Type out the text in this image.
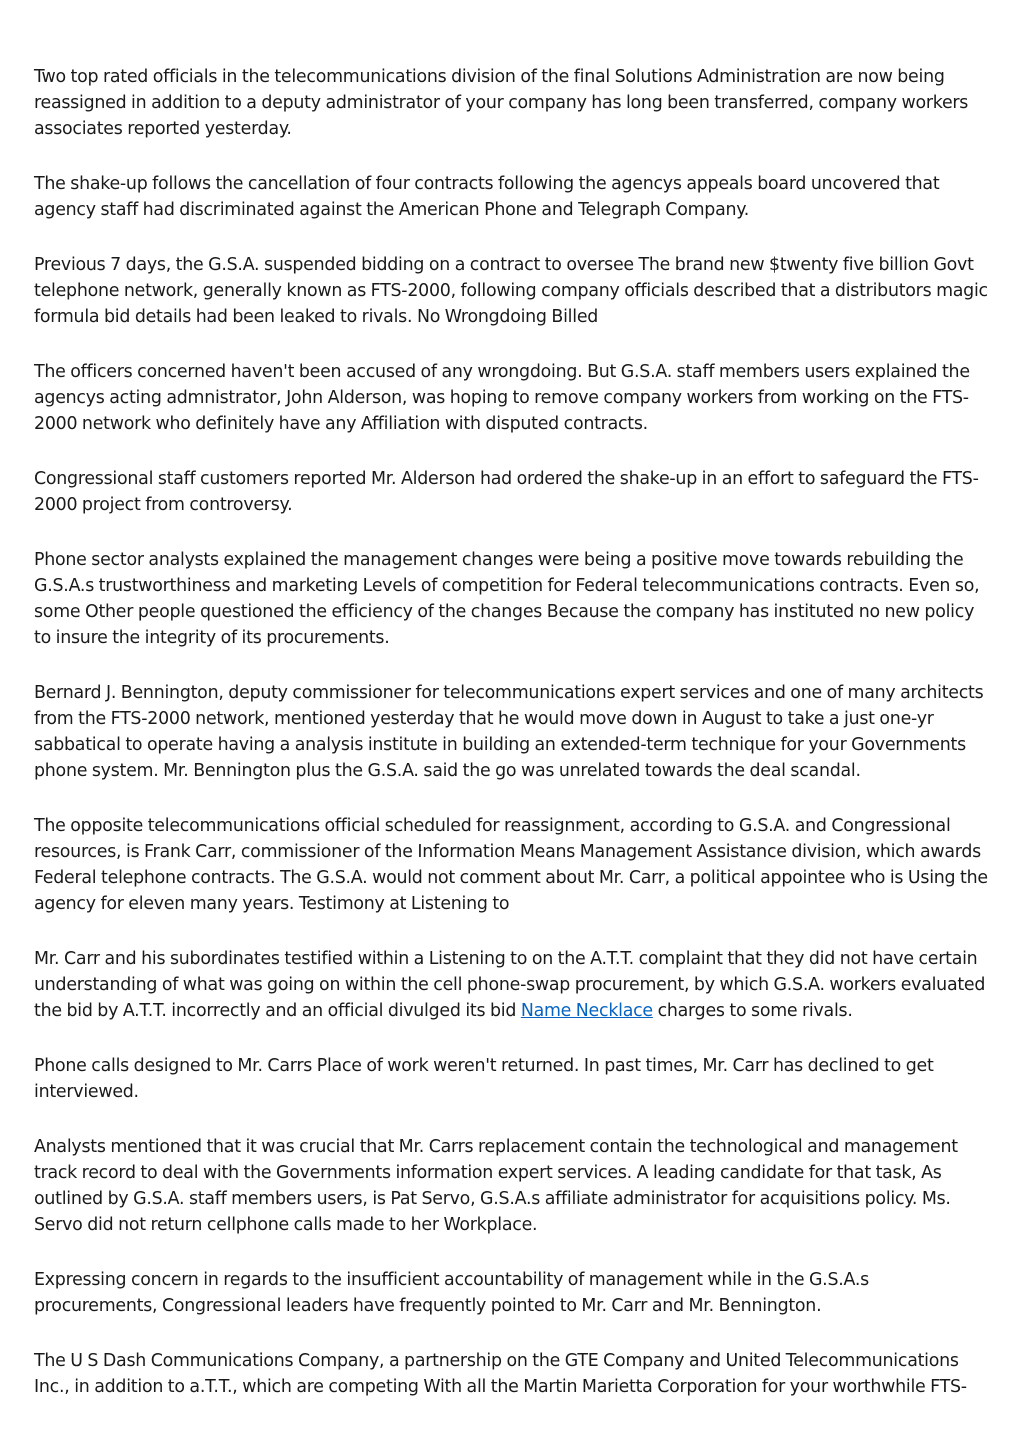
Two top rated officials in the telecommunications division of the final Solutions Administration are now being reassigned in addition to a deputy administrator of your company has long been transferred, company workers associates reported yesterday.

The shake-up follows the cancellation of four contracts following the agencys appeals board uncovered that agency staff had discriminated against the American Phone and Telegraph Company.

Previous 7 days, the G.S.A. suspended bidding on a contract to oversee The brand new $twenty five billion Govt telephone network, generally known as FTS-2000, following company officials described that a distributors magic formula bid details had been leaked to rivals. No Wrongdoing Billed

The officers concerned haven't been accused of any wrongdoing. But G.S.A. staff members users explained the agencys acting admnistrator, John Alderson, was hoping to remove company workers from working on the FTS-2000 network who definitely have any Affiliation with disputed contracts.

Congressional staff customers reported Mr. Alderson had ordered the shake-up in an effort to safeguard the FTS-2000 project from controversy.

Phone sector analysts explained the management changes were being a positive move towards rebuilding the G.S.A.s trustworthiness and marketing Levels of competition for Federal telecommunications contracts. Even so, some Other people questioned the efficiency of the changes Because the company has instituted no new policy to insure the integrity of its procurements.

Bernard J. Bennington, deputy commissioner for telecommunications expert services and one of many architects from the FTS-2000 network, mentioned yesterday that he would move down in August to take a just one-yr sabbatical to operate having a analysis institute in building an extended-term technique for your Governments phone system. Mr. Bennington plus the G.S.A. said the go was unrelated towards the deal scandal.

The opposite telecommunications official scheduled for reassignment, according to G.S.A. and Congressional resources, is Frank Carr, commissioner of the Information Means Management Assistance division, which awards Federal telephone contracts. The G.S.A. would not comment about Mr. Carr, a political appointee who is Using the agency for eleven many years. Testimony at Listening to

Mr. Carr and his subordinates testified within a Listening to on the A.T.T. complaint that they did not have certain understanding of what was going on within the cell phone-swap procurement, by which G.S.A. workers evaluated the bid by A.T.T. incorrectly and an official divulged its bid Name Necklace charges to some rivals.

Phone calls designed to Mr. Carrs Place of work weren't returned. In past times, Mr. Carr has declined to get interviewed.

Analysts mentioned that it was crucial that Mr. Carrs replacement contain the technological and management track record to deal with the Governments information expert services. A leading candidate for that task, As outlined by G.S.A. staff members users, is Pat Servo, G.S.A.s affiliate administrator for acquisitions policy. Ms. Servo did not return cellphone calls made to her Workplace.

Expressing concern in regards to the insufficient accountability of management while in the G.S.A.s procurements, Congressional leaders have frequently pointed to Mr. Carr and Mr. Bennington.

The U S Dash Communications Company, a partnership on the GTE Company and United Telecommunications Inc., in addition to a.T.T., which are competing With all the Martin Marietta Corporation for your worthwhile FTS-
